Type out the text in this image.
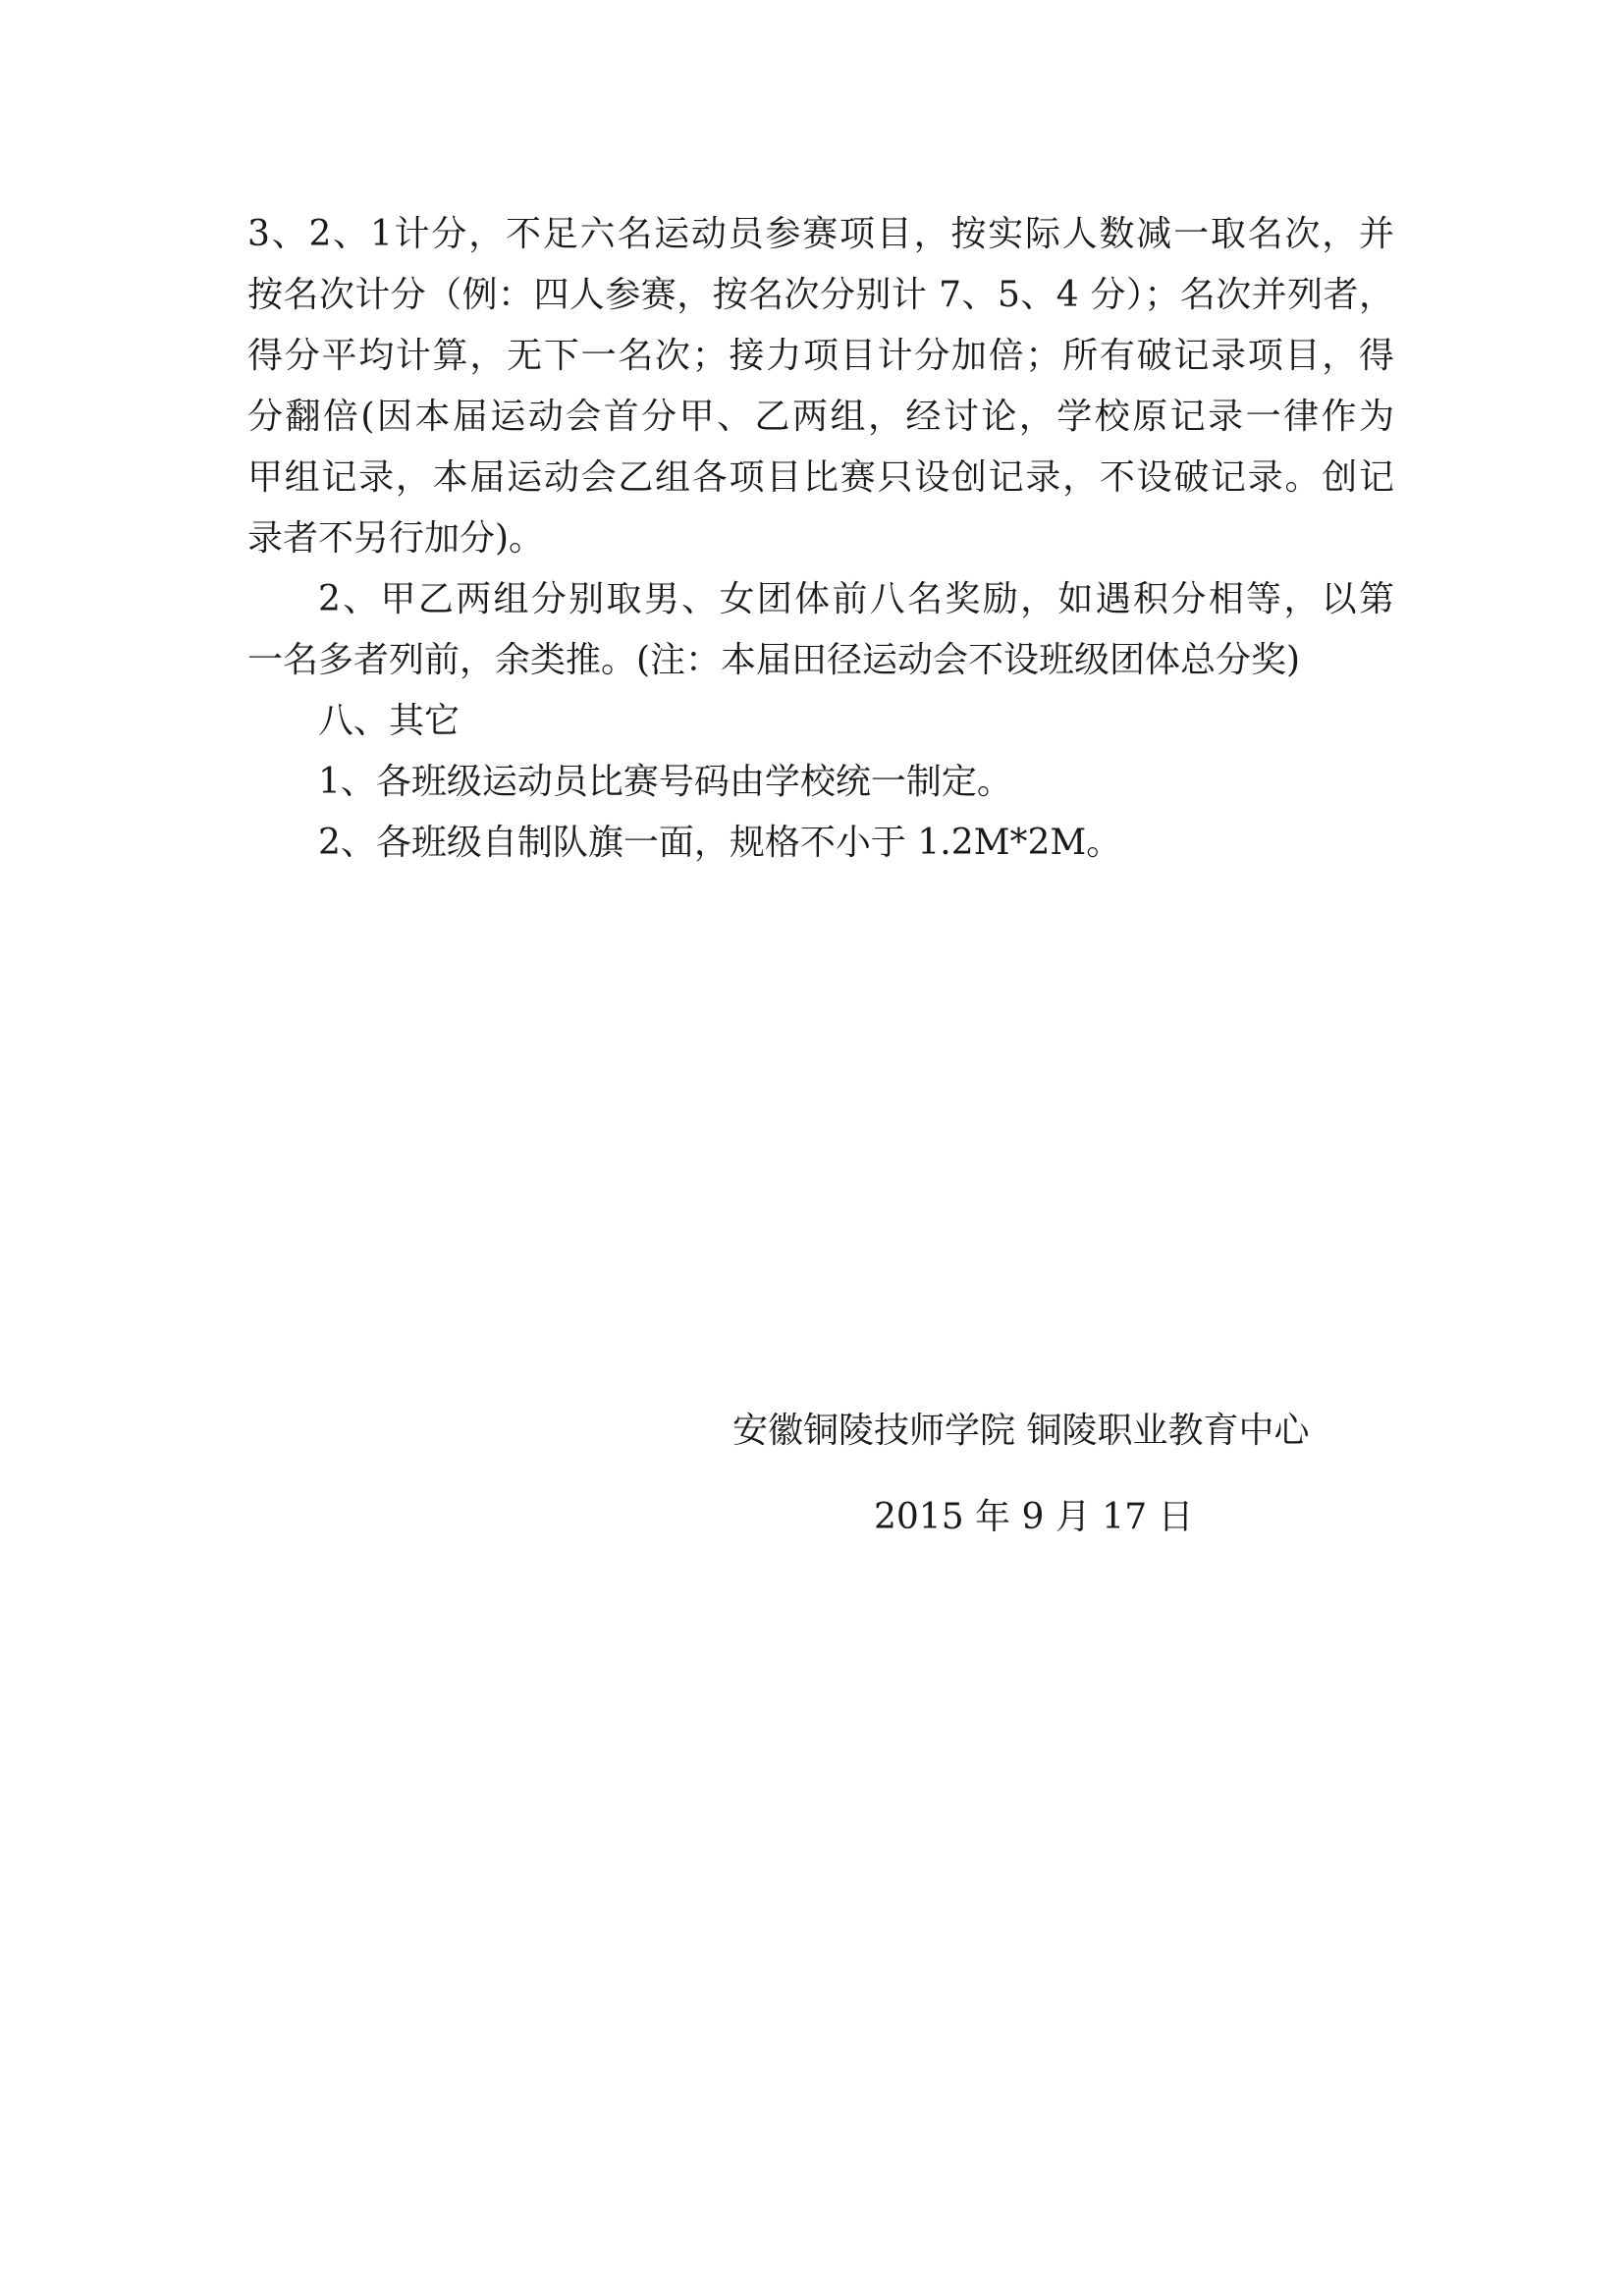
3、2、1计分，不足六名运动员参赛项目，按实际人数减一取名次，并
按名次计分（例：四人参赛，按名次分别计 7、5、4 分）；名次并列者，
得分平均计算，无下一名次；接力项目计分加倍；所有破记录项目，得
分翻倍(因本届运动会首分甲、乙两组，经讨论，学校原记录一律作为
甲组记录，本届运动会乙组各项目比赛只设创记录，不设破记录。创记
录者不另行加分)。
2、甲乙两组分别取男、女团体前八名奖励，如遇积分相等，以第
一名多者列前，余类推。(注：本届田径运动会不设班级团体总分奖)
八、其它
1、各班级运动员比赛号码由学校统一制定。
2、各班级自制队旗一面，规格不小于 1.2M*2M。
安徽铜陵技师学院 铜陵职业教育中心
2015 年 9 月 17 日
